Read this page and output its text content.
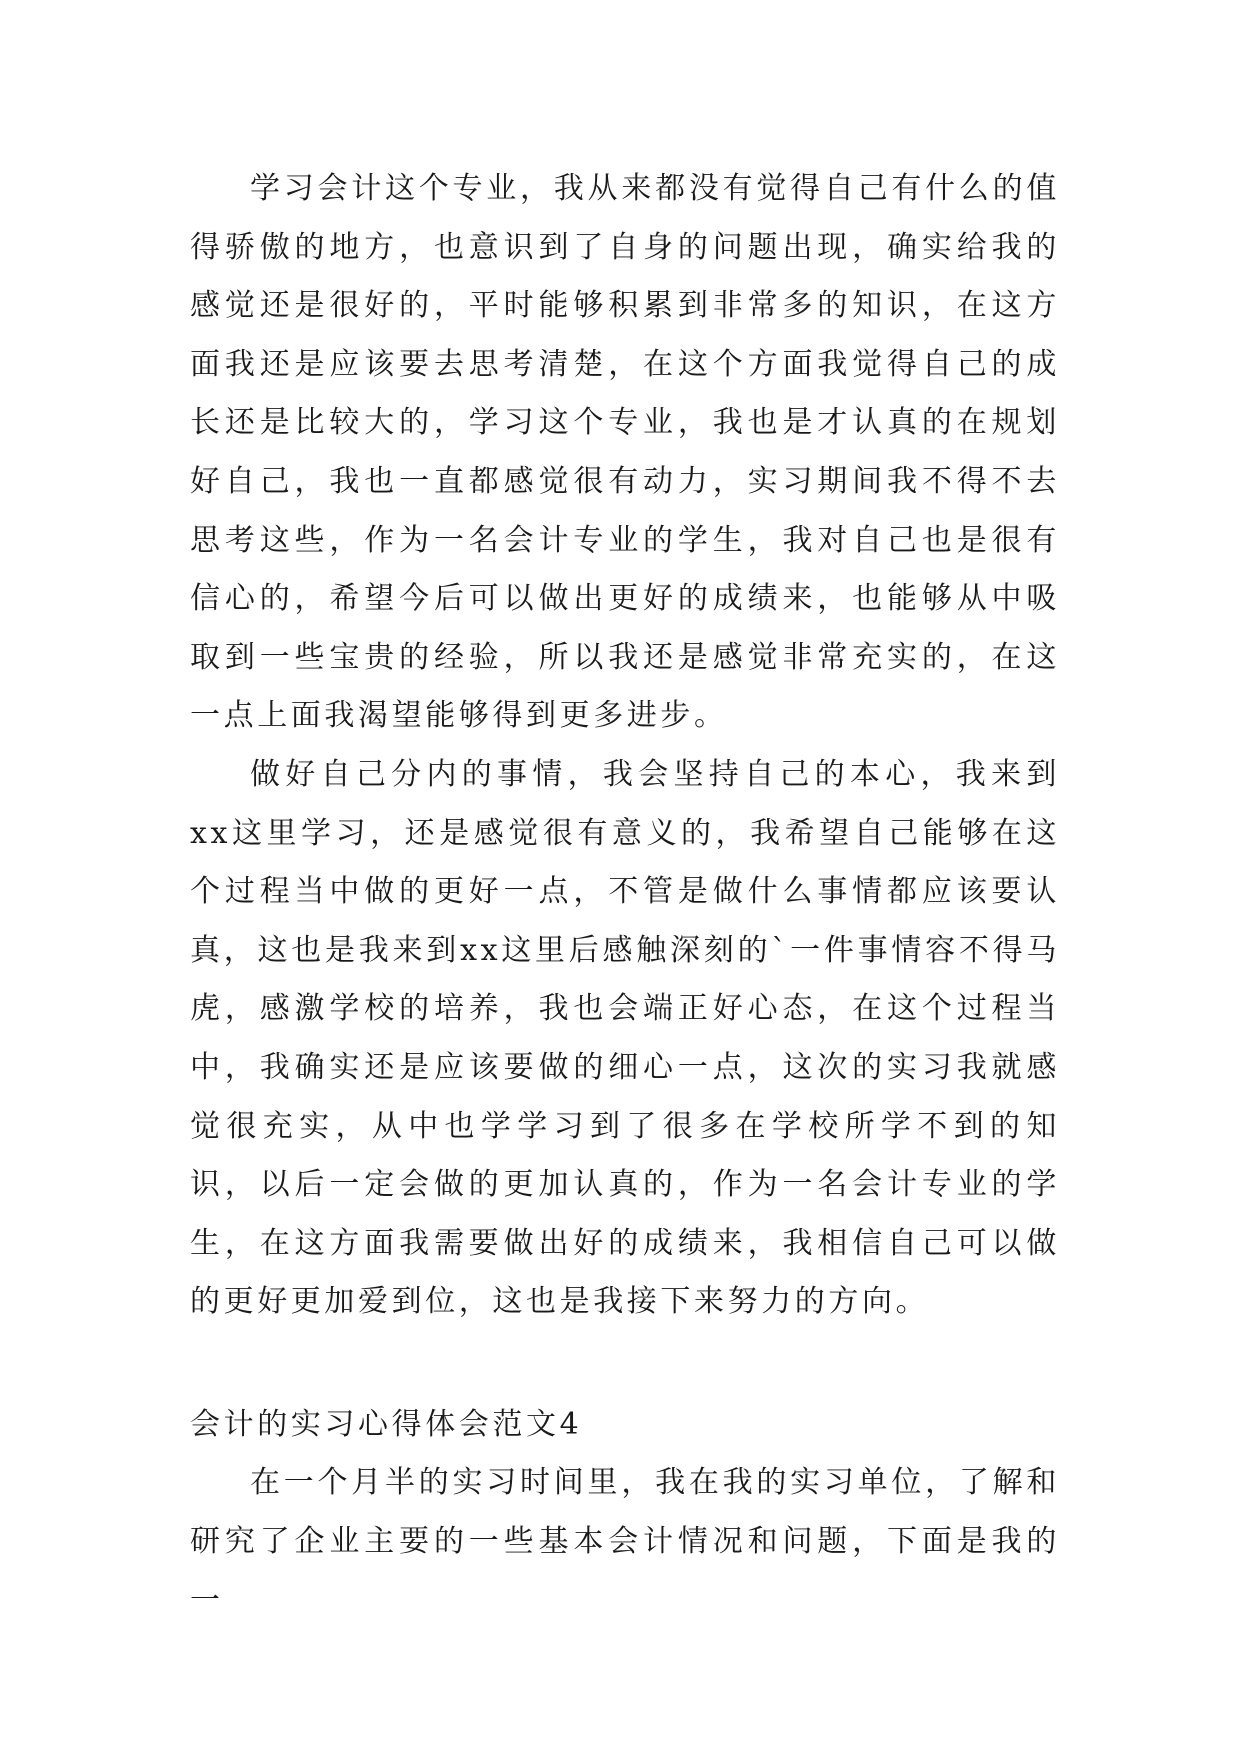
学习会计这个专业，我从来都没有觉得自己有什么的值得骄傲的地方，也意识到了自身的问题出现，确实给我的感觉还是很好的，平时能够积累到非常多的知识，在这方面我还是应该要去思考清楚，在这个方面我觉得自己的成长还是比较大的，学习这个专业，我也是才认真的在规划好自己，我也一直都感觉很有动力，实习期间我不得不去思考这些，作为一名会计专业的学生，我对自己也是很有信心的，希望今后可以做出更好的成绩来，也能够从中吸取到一些宝贵的经验，所以我还是感觉非常充实的，在这一点上面我渴望能够得到更多进步。

做好自己分内的事情，我会坚持自己的本心，我来到xx这里学习，还是感觉很有意义的，我希望自己能够在这个过程当中做的更好一点，不管是做什么事情都应该要认真，这也是我来到xx这里后感触深刻的`一件事情容不得马虎，感激学校的培养，我也会端正好心态，在这个过程当中，我确实还是应该要做的细心一点，这次的实习我就感觉很充实，从中也学学习到了很多在学校所学不到的知识，以后一定会做的更加认真的，作为一名会计专业的学生，在这方面我需要做出好的成绩来，我相信自己可以做的更好更加爱到位，这也是我接下来努力的方向。

会计的实习心得体会范文4

在一个月半的实习时间里，我在我的实习单位，了解和研究了企业主要的一些基本会计情况和问题，下面是我的一
